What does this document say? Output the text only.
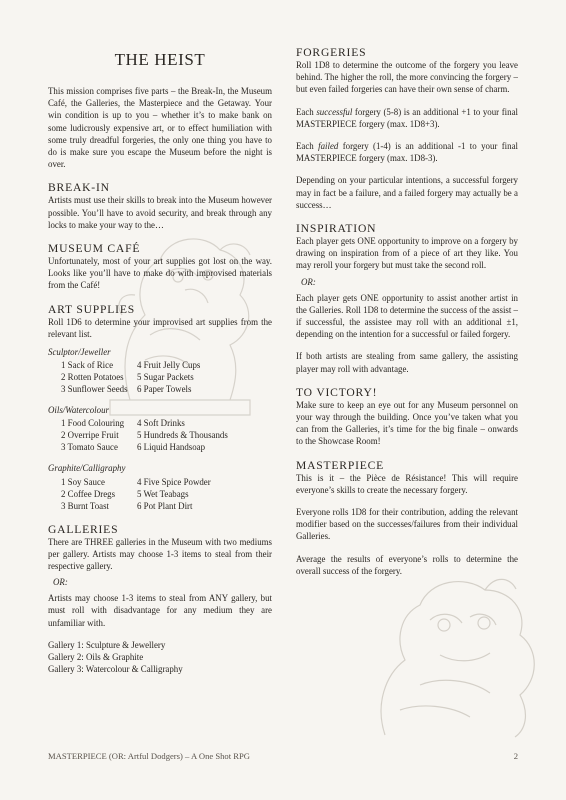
THE HEIST

This mission comprises five parts – the Break-In, the Museum Café, the Galleries, the Masterpiece and the Getaway. Your win condition is up to you – whether it’s to make bank on some ludicrously expensive art, or to effect humiliation with some truly dreadful forgeries, the only one thing you have to do is make sure you escape the Museum before the night is over.

BREAK-IN

Artists must use their skills to break into the Museum however possible. You’ll have to avoid security, and break through any locks to make your way to the…

MUSEUM CAFÉ

Unfortunately, most of your art supplies got lost on the way. Looks like you’ll have to make do with improvised materials from the Café!

ART SUPPLIES

Roll 1D6 to determine your improvised art supplies from the relevant list.

Sculptor/Jeweller
1 Sack of Rice	4 Fruit Jelly Cups
2 Rotten Potatoes	5 Sugar Packets
3 Sunflower Seeds	6 Paper Towels
Oils/Watercolour
1 Food Colouring	4 Soft Drinks
2 Overripe Fruit	5 Hundreds & Thousands
3 Tomato Sauce	6 Liquid Handsoap
Graphite/Calligraphy
1 Soy Sauce	4 Five Spice Powder
2 Coffee Dregs	5 Wet Teabags
3 Burnt Toast	6 Pot Plant Dirt
GALLERIES

There are THREE galleries in the Museum with two mediums per gallery. Artists may choose 1-3 items to steal from their respective gallery.

OR:

Artists may choose 1-3 items to steal from ANY gallery, but must roll with disadvantage for any medium they are unfamiliar with.

Gallery 1: Sculpture & Jewellery

Gallery 2: Oils & Graphite

Gallery 3: Watercolour & Calligraphy

FORGERIES

Roll 1D8 to determine the outcome of the forgery you leave behind. The higher the roll, the more convincing the forgery – but even failed forgeries can have their own sense of charm.

Each successful forgery (5-8) is an additional +1 to your final MASTERPIECE forgery (max. 1D8+3).

Each failed forgery (1-4) is an additional -1 to your final MASTERPIECE forgery (max. 1D8-3).

Depending on your particular intentions, a successful forgery may in fact be a failure, and a failed forgery may actually be a success…

INSPIRATION

Each player gets ONE opportunity to improve on a forgery by drawing on inspiration from of a piece of art they like. You may reroll your forgery but must take the second roll.

OR:

Each player gets ONE opportunity to assist another artist in the Galleries. Roll 1D8 to determine the success of the assist – if successful, the assistee may roll with an additional ±1, depending on the intention for a successful or failed forgery.

If both artists are stealing from same gallery, the assisting player may roll with advantage.

TO VICTORY!

Make sure to keep an eye out for any Museum personnel on your way through the building. Once you’ve taken what you can from the Galleries, it’s time for the big finale – onwards to the Showcase Room!

MASTERPIECE

This is it – the Pièce de Résistance! This will require everyone’s skills to create the necessary forgery.

Everyone rolls 1D8 for their contribution, adding the relevant modifier based on the successes/failures from their individual Galleries.

Average the results of everyone’s rolls to determine the overall success of the forgery.

MASTERPIECE (OR: Artful Dodgers) – A One Shot RPG	2
